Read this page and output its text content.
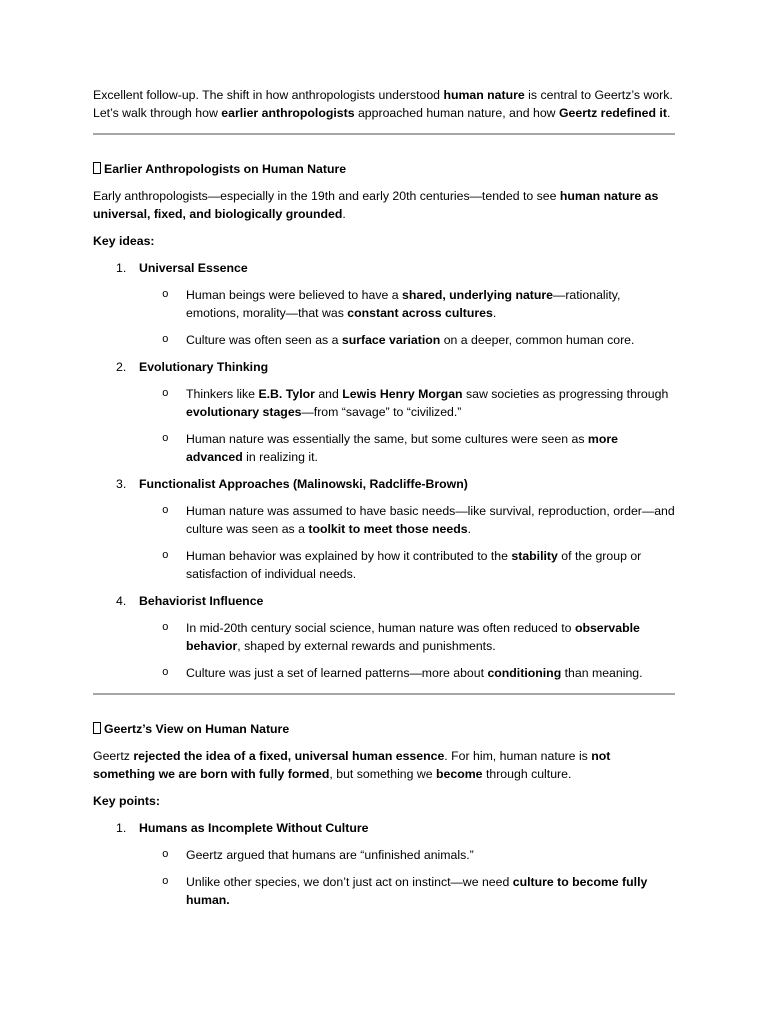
Excellent follow-up. The shift in how anthropologists understood human nature is central to Geertz’s work. Let’s walk through how earlier anthropologists approached human nature, and how Geertz redefined it.

Earlier Anthropologists on Human Nature

Early anthropologists—especially in the 19th and early 20th centuries—tended to see human nature as universal, fixed, and biologically grounded.

Key ideas:
1. Universal Essence
o Human beings were believed to have a shared, underlying nature—rationality, emotions, morality—that was constant across cultures.
o Culture was often seen as a surface variation on a deeper, common human core.
2. Evolutionary Thinking
o Thinkers like E.B. Tylor and Lewis Henry Morgan saw societies as progressing through evolutionary stages—from “savage” to “civilized.”
o Human nature was essentially the same, but some cultures were seen as more advanced in realizing it.
3. Functionalist Approaches (Malinowski, Radcliffe-Brown)
o Human nature was assumed to have basic needs—like survival, reproduction, order—and culture was seen as a toolkit to meet those needs.
o Human behavior was explained by how it contributed to the stability of the group or satisfaction of individual needs.
4. Behaviorist Influence
o In mid-20th century social science, human nature was often reduced to observable behavior, shaped by external rewards and punishments.
o Culture was just a set of learned patterns—more about conditioning than meaning.
Geertz’s View on Human Nature

Geertz rejected the idea of a fixed, universal human essence. For him, human nature is not something we are born with fully formed, but something we become through culture.

Key points:
1. Humans as Incomplete Without Culture
o Geertz argued that humans are “unfinished animals.”
o Unlike other species, we don’t just act on instinct—we need culture to become fully human.
